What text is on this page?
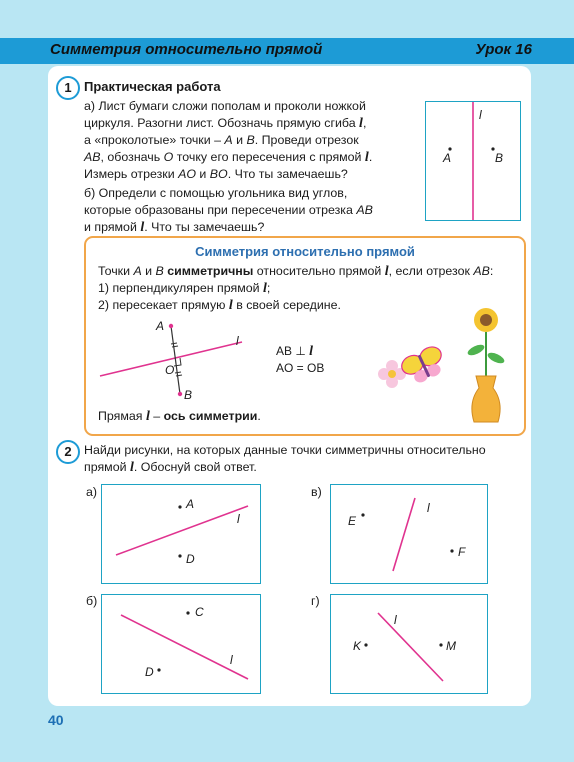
Симметрия относительно прямой	Урок 16
1 Практическая работа
а) Лист бумаги сложи пополам и проколи ножкой
циркуля. Разогни лист. Обозначь прямую сгиба l,
а «проколотые» точки – A и B. Проведи отрезок
AB, обозначь O точку его пересечения с прямой l.
Измерь отрезки AO и BO. Что ты замечаешь?
б) Определи с помощью угольника вид углов,
которые образованы при пересечении отрезка AB
и прямой l. Что ты замечаешь?
A	B
l
Симметрия относительно прямой
Точки A и B симметричны относительно прямой l, если отрезок AB:
1) перпендикулярен прямой l;
2) пересекает прямую l в своей середине.
A
B
O
l
AB ⊥ l
AO = OB
Прямая l – ось симметрии.
2 Найди рисунки, на которых данные точки симметричны относительно
прямой l. Обоснуй свой ответ.
а)
A
D
l
в)
E
F
l
б)
C
D
l
г)
K	M
l
40
